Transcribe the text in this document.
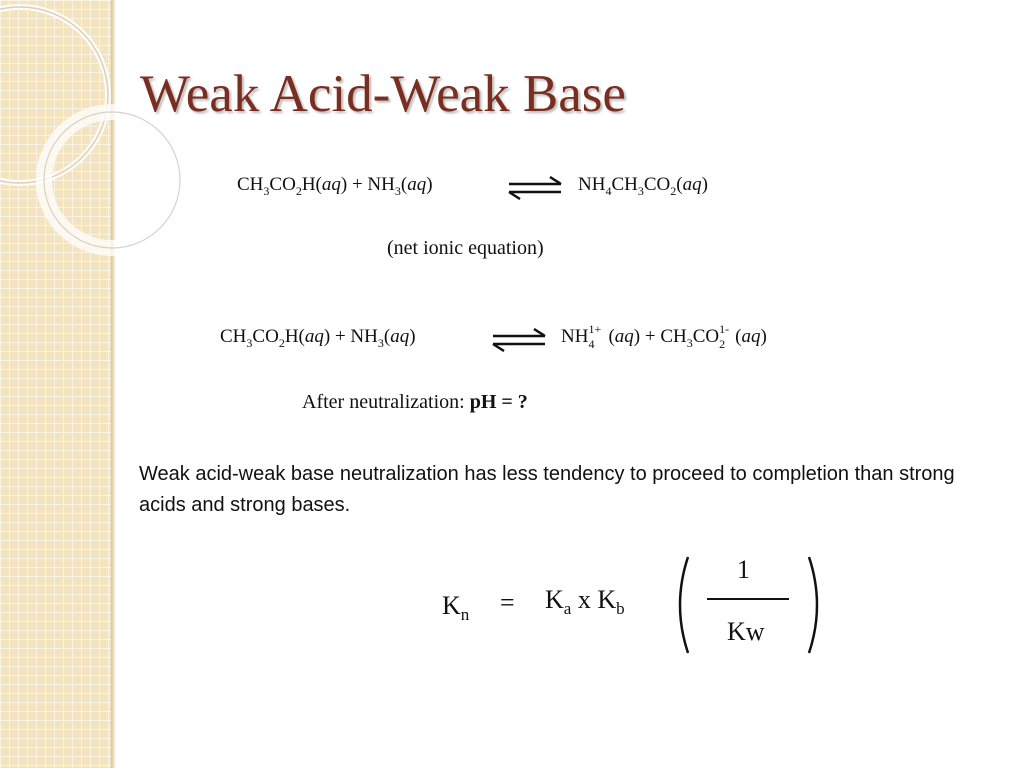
Weak Acid-Weak Base
$CH_3CO_2H(aq) + NH_3(aq)$	⇌ $NH_4CH_3CO_2(aq)$
(net ionic equation)
$CH_3CO_2H(aq) + NH_3(aq)$	⇌ NH 4
$1+ (aq) + CH_3CO$ 2
1- (aq)
After neutralization: pH = ?

Weak acid-weak base neutralization has less tendency to proceed to completion than strong acids and strong bases.

$K_n = K_a$ x $K_b$
1
Kw
